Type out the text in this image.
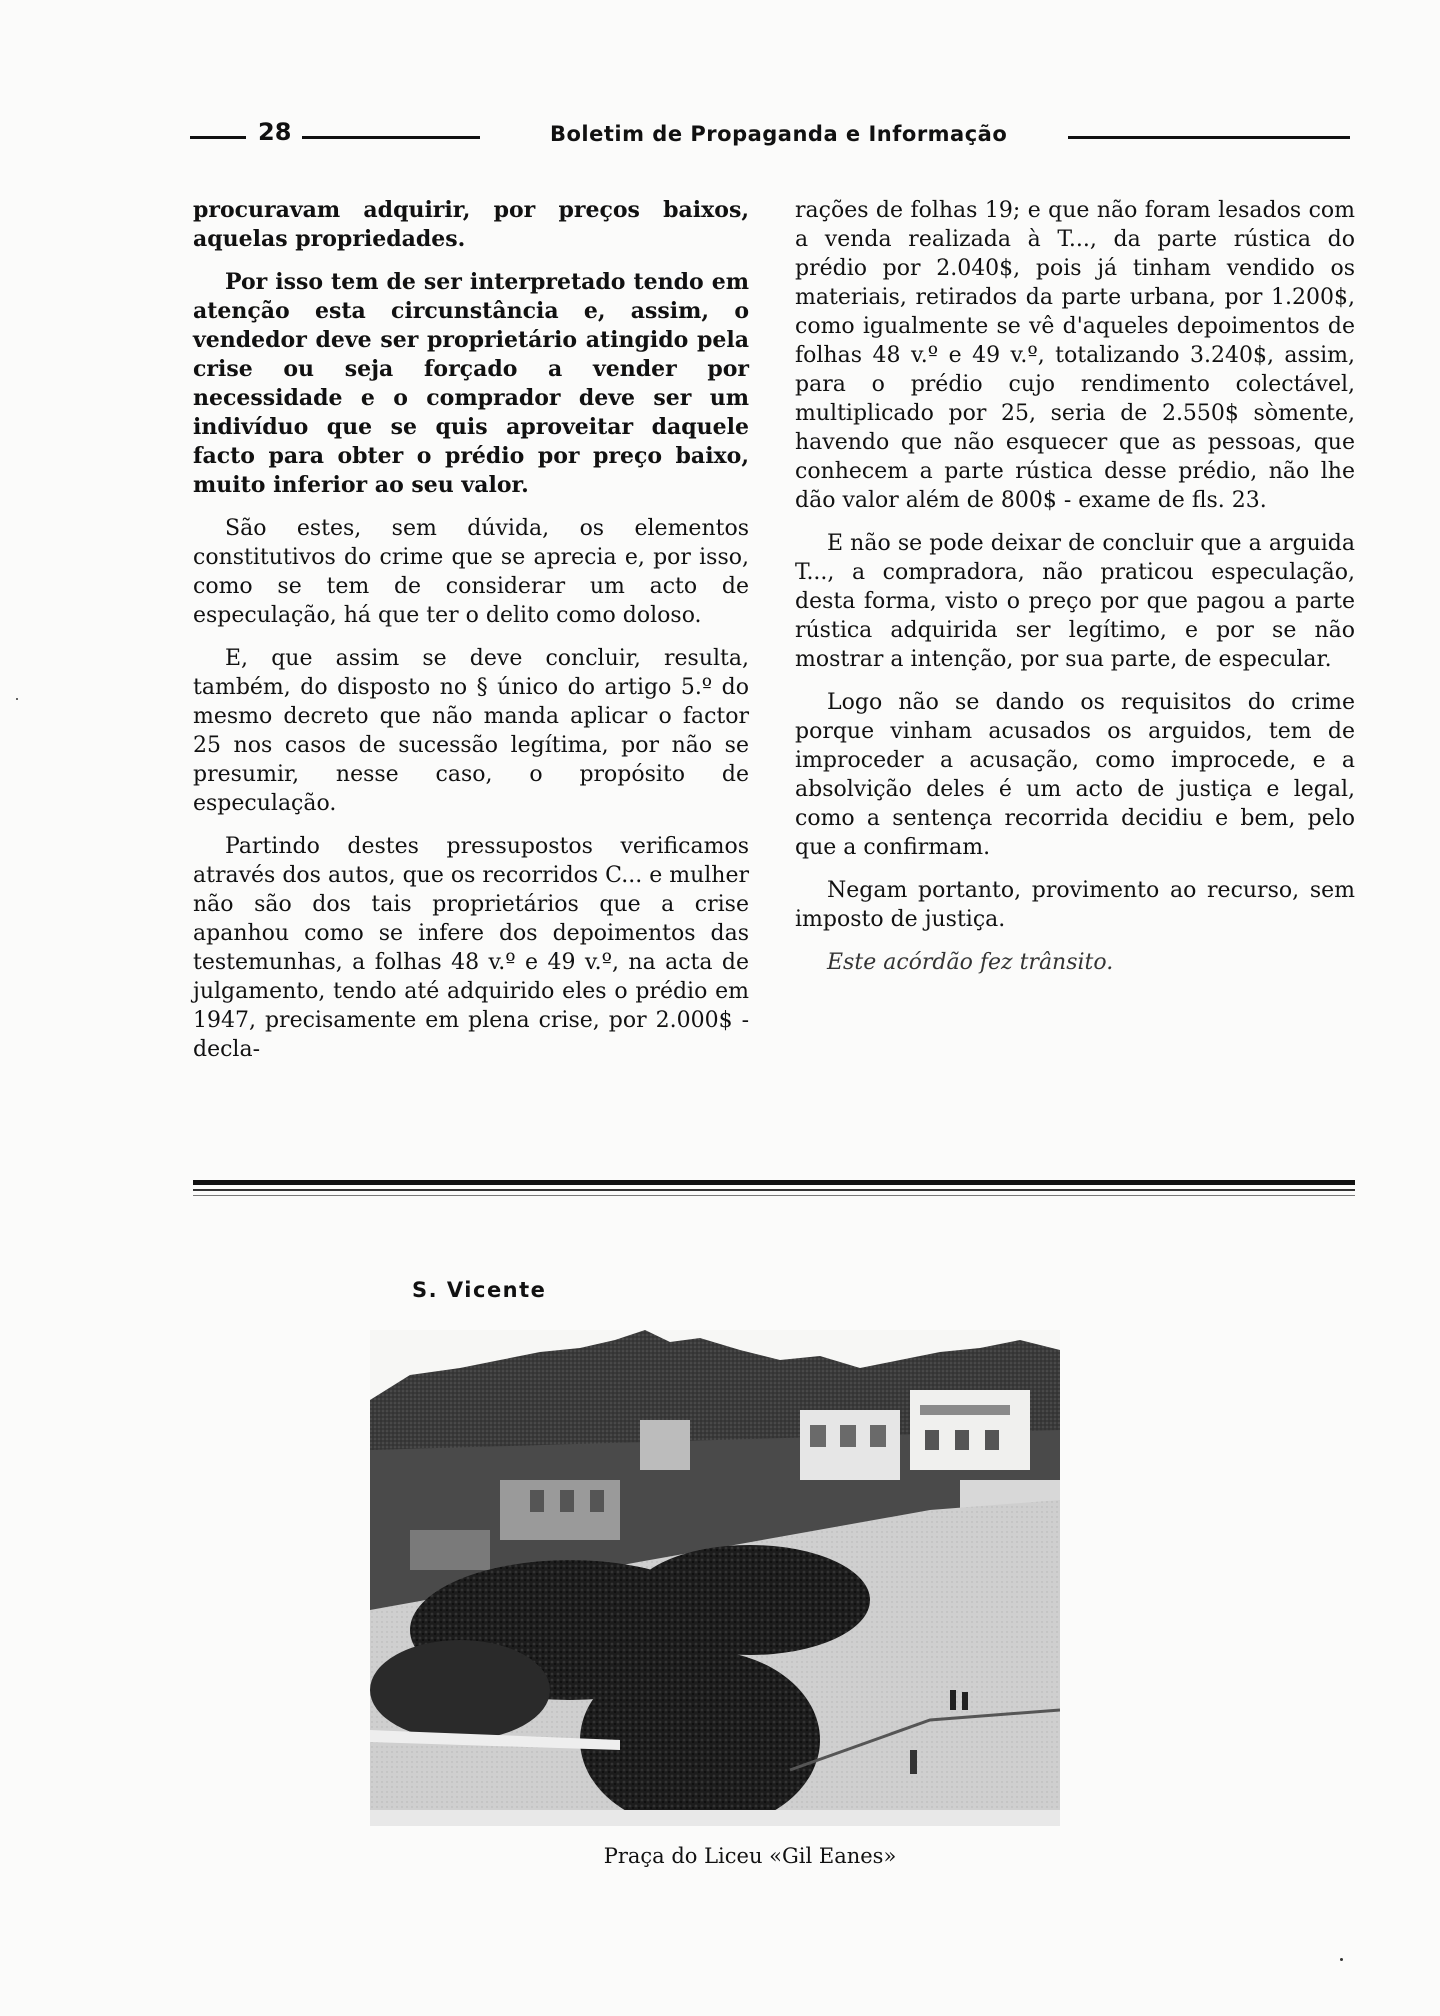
28	Boletim de Propaganda e Informação

procuravam adquirir, por preços baixos, aquelas propriedades.

Por isso tem de ser interpretado tendo em atenção esta circunstância e, assim, o vendedor deve ser proprietário atingido pela crise ou seja forçado a vender por necessidade e o comprador deve ser um indivíduo que se quis aproveitar daquele facto para obter o prédio por preço baixo, muito inferior ao seu valor.

São estes, sem dúvida, os elementos constitutivos do crime que se aprecia e, por isso, como se tem de considerar um acto de especulação, há que ter o delito como doloso.

E, que assim se deve concluir, resulta, também, do disposto no § único do artigo 5.º do mesmo decreto que não manda aplicar o factor 25 nos casos de sucessão legítima, por não se presumir, nesse caso, o propósito de especulação.

Partindo destes pressupostos verificamos através dos autos, que os recorridos C... e mulher não são dos tais proprietários que a crise apanhou como se infere dos depoimentos das testemunhas, a folhas 48 v.º e 49 v.º, na acta de julgamento, tendo até adquirido eles o prédio em 1947, precisamente em plena crise, por 2.000$ - decla-

rações de folhas 19; e que não foram lesados com a venda realizada à T..., da parte rústica do prédio por 2.040$, pois já tinham vendido os materiais, retirados da parte urbana, por 1.200$, como igualmente se vê d'aqueles depoimentos de folhas 48 v.º e 49 v.º, totalizando 3.240$, assim, para o prédio cujo rendimento colectável, multiplicado por 25, seria de 2.550$ sòmente, havendo que não esquecer que as pessoas, que conhecem a parte rústica desse prédio, não lhe dão valor além de 800$ - exame de fls. 23.

E não se pode deixar de concluir que a arguida T..., a compradora, não praticou especulação, desta forma, visto o preço por que pagou a parte rústica adquirida ser legítimo, e por se não mostrar a intenção, por sua parte, de especular.

Logo não se dando os requisitos do crime porque vinham acusados os arguidos, tem de improceder a acusação, como improcede, e a absolvição deles é um acto de justiça e legal, como a sentença recorrida decidiu e bem, pelo que a confirmam.

Negam portanto, provimento ao recurso, sem imposto de justiça.

Este acórdão fez trânsito.

S. Vicente
Praça do Liceu «Gil Eanes»
